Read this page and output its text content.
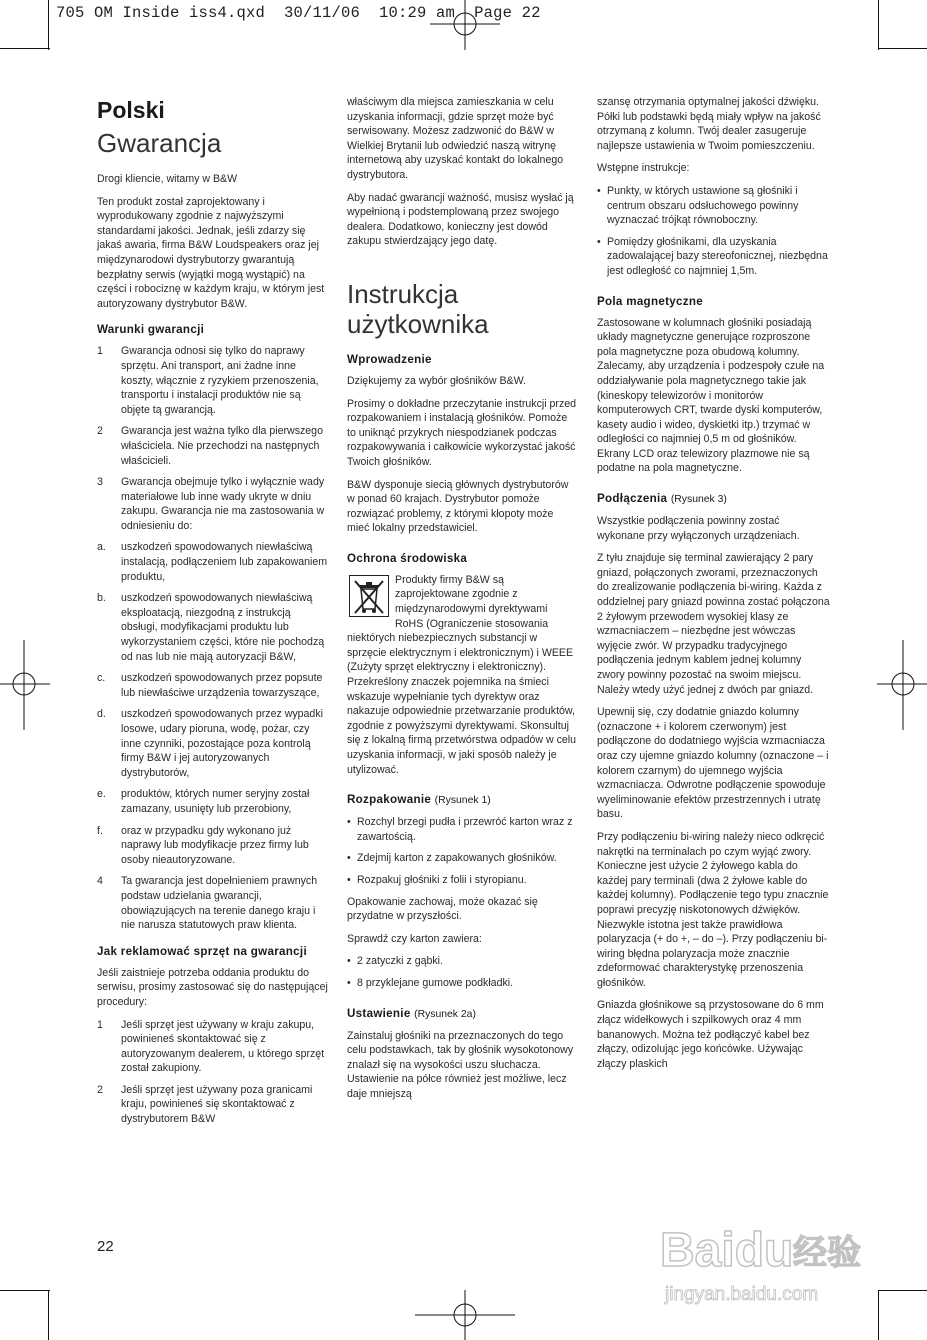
705 OM Inside iss4.qxd  30/11/06  10:29 am  Page 22
Polski
Gwarancja

Drogi kliencie, witamy w B&W

Ten produkt został zaprojektowany i wyprodukowany zgodnie z najwyższymi standardami jakości. Jednak, jeśli zdarzy się jakaś awaria, firma B&W Loudspeakers oraz jej międzynarodowi dystrybutorzy gwarantują bezpłatny serwis (wyjątki mogą wystąpić) na części i robociznę w każdym kraju, w którym jest autoryzowany dystrybutor B&W.

Warunki gwarancji
1	Gwarancja odnosi się tylko do naprawy sprzętu. Ani transport, ani żadne inne koszty, włącznie z ryzykiem przenoszenia, transportu i instalacji produktów nie są objęte tą gwarancją.
2	Gwarancja jest ważna tylko dla pierwszego właściciela. Nie przechodzi na następnych właścicieli.
3	Gwarancja obejmuje tylko i wyłącznie wady materiałowe lub inne wady ukryte w dniu zakupu. Gwarancja nie ma zastosowania w odniesieniu do:
a.	uszkodzeń spowodowanych niewłaściwą instalacją, podłączeniem lub zapakowaniem produktu,
b.	uszkodzeń spowodowanych niewłaściwą eksploatacją, niezgodną z instrukcją obsługi, modyfikacjami produktu lub wykorzystaniem części, które nie pochodzą od nas lub nie mają autoryzacji B&W,
c.	uszkodzeń spowodowanych przez popsute lub niewłaściwe urządzenia towarzyszące,
d.	uszkodzeń spowodowanych przez wypadki losowe, udary pioruna, wodę, pożar, czy inne czynniki, pozostające poza kontrolą firmy B&W i jej autoryzowanych dystrybutorów,
e.	produktów, których numer seryjny został zamazany, usunięty lub przerobiony,
f.	oraz w przypadku gdy wykonano już naprawy lub modyfikacje przez firmy lub osoby nieautoryzowane.
4	Ta gwarancja jest dopełnieniem prawnych podstaw udzielania gwarancji, obowiązujących na terenie danego kraju i nie narusza statutowych praw klienta.
Jak reklamować sprzęt na gwarancji

Jeśli zaistnieje potrzeba oddania produktu do serwisu, prosimy zastosować się do następującej procedury:

1	Jeśli sprzęt jest używany w kraju zakupu, powinieneś skontaktować się z autoryzowanym dealerem, u którego sprzęt został zakupiony.
2	Jeśli sprzęt jest używany poza granicami kraju, powinieneś się skontaktować z dystrybutorem B&W

właściwym dla miejsca zamieszkania w celu uzyskania informacji, gdzie sprzęt może być serwisowany. Możesz zadzwonić do B&W w Wielkiej Brytanii lub odwiedzić naszą witrynę internetową aby uzyskać kontakt do lokalnego dystrybutora.

Aby nadać gwarancji ważność, musisz wysłać ją wypełnioną i podstemplowaną przez swojego dealera. Dodatkowo, konieczny jest dowód zakupu stwierdzający jego datę.

Instrukcja użytkownika
Wprowadzenie

Dziękujemy za wybór głośników B&W.

Prosimy o dokładne przeczytanie instrukcji przed rozpakowaniem i instalacją głośników. Pomoże to uniknąć przykrych niespodzianek podczas rozpakowywania i całkowicie wykorzystać jakość Twoich głośników.

B&W dysponuje siecią głównych dystrybutorów w ponad 60 krajach. Dystrybutor pomoże rozwiązać problemy, z którymi kłopoty może mieć lokalny przedstawiciel.

Ochrona środowiska

Produkty firmy B&W są zaprojektowane zgodnie z międzynarodowymi dyrektywami RoHS (Ograniczenie stosowania niektórych niebezpiecznych substancji w sprzęcie elektrycznym i elektronicznym) i WEEE (Zużyty sprzęt elektryczny i elektroniczny). Przekreślony znaczek pojemnika na śmieci wskazuje wypełnianie tych dyrektyw oraz nakazuje odpowiednie przetwarzanie produktów, zgodnie z powyższymi dyrektywami. Skonsultuj się z lokalną firmą przetwórstwa odpadów w celu uzyskania informacji, w jaki sposób należy je utylizować.

Rozpakowanie (Rysunek 1)
• Rozchyl brzegi pudła i przewróć karton wraz z zawartością.
• Zdejmij karton z zapakowanych głośników.
• Rozpakuj głośniki z folii i styropianu.

Opakowanie zachowaj, może okazać się przydatne w przyszłości.

Sprawdź czy karton zawiera:

• 2 zatyczki z gąbki.
• 8 przyklejane gumowe podkładki.
Ustawienie (Rysunek 2a)

Zainstaluj głośniki na przeznaczonych do tego celu podstawkach, tak by głośnik wysokotonowy znalazł się na wysokości uszu słuchacza. Ustawienie na półce również jest możliwe, lecz daje mniejszą

szansę otrzymania optymalnej jakości dźwięku. Półki lub podstawki będą miały wpływ na jakość otrzymaną z kolumn. Twój dealer zasugeruje najlepsze ustawienia w Twoim pomieszczeniu.

Wstępne instrukcje:

• Punkty, w których ustawione są głośniki i centrum obszaru odsłuchowego powinny wyznaczać trójkąt równoboczny.
• Pomiędzy głośnikami, dla uzyskania zadowalającej bazy stereofonicznej, niezbędna jest odległość co najmniej 1,5m.
Pola magnetyczne

Zastosowane w kolumnach głośniki posiadają układy magnetyczne generujące rozproszone pola magnetyczne poza obudową kolumny. Zalecamy, aby urządzenia i podzespoły czułe na oddziaływanie pola magnetycznego takie jak (kineskopy telewizorów i monitorów komputerowych CRT, twarde dyski komputerów, kasety audio i wideo, dyskietki itp.) trzymać w odległości co najmniej 0,5 m od głośników. Ekrany LCD oraz telewizory plazmowe nie są podatne na pola magnetyczne.

Podłączenia (Rysunek 3)

Wszystkie podłączenia powinny zostać wykonane przy wyłączonych urządzeniach.

Z tyłu znajduje się terminal zawierający 2 pary gniazd, połączonych zworami, przeznaczonych do zrealizowanie podłączenia bi-wiring. Każda z oddzielnej pary gniazd powinna zostać połączona 2 żyłowym przewodem wysokiej klasy ze wzmacniaczem – niezbędne jest wówczas wyjęcie zwór. W przypadku tradycyjnego podłączenia jednym kablem jednej kolumny zwory powinny pozostać na swoim miejscu. Należy wtedy użyć jednej z dwóch par gniazd.

Upewnij się, czy dodatnie gniazdo kolumny (oznaczone + i kolorem czerwonym) jest podłączone do dodatniego wyjścia wzmacniacza oraz czy ujemne gniazdo kolumny (oznaczone – i kolorem czarnym) do ujemnego wyjścia wzmacniacza. Odwrotne podłączenie spowoduje wyeliminowanie efektów przestrzennych i utratę basu.

Przy podłączeniu bi-wiring należy nieco odkręcić nakrętki na terminalach po czym wyjąć zwory. Konieczne jest użycie 2 żyłowego kabla do każdej pary terminali (dwa 2 żyłowe kable do każdej kolumny). Podłączenie tego typu znacznie poprawi precyzję niskotonowych dźwięków. Niezwykle istotna jest także prawidłowa polaryzacja (+ do +, – do –). Przy podłączeniu bi-wiring błędna polaryzacja może znacznie zdeformować charakterystykę przenoszenia głośników.

Gniazda głośnikowe są przystosowane do 6 mm złącz widełkowych i szpilkowych oraz 4 mm bananowych. Można też podłączyć kabel bez złączy, odizolując jego końcówke. Używając złączy plaskich

22	Baidu 经验
jingyan.baidu.com
